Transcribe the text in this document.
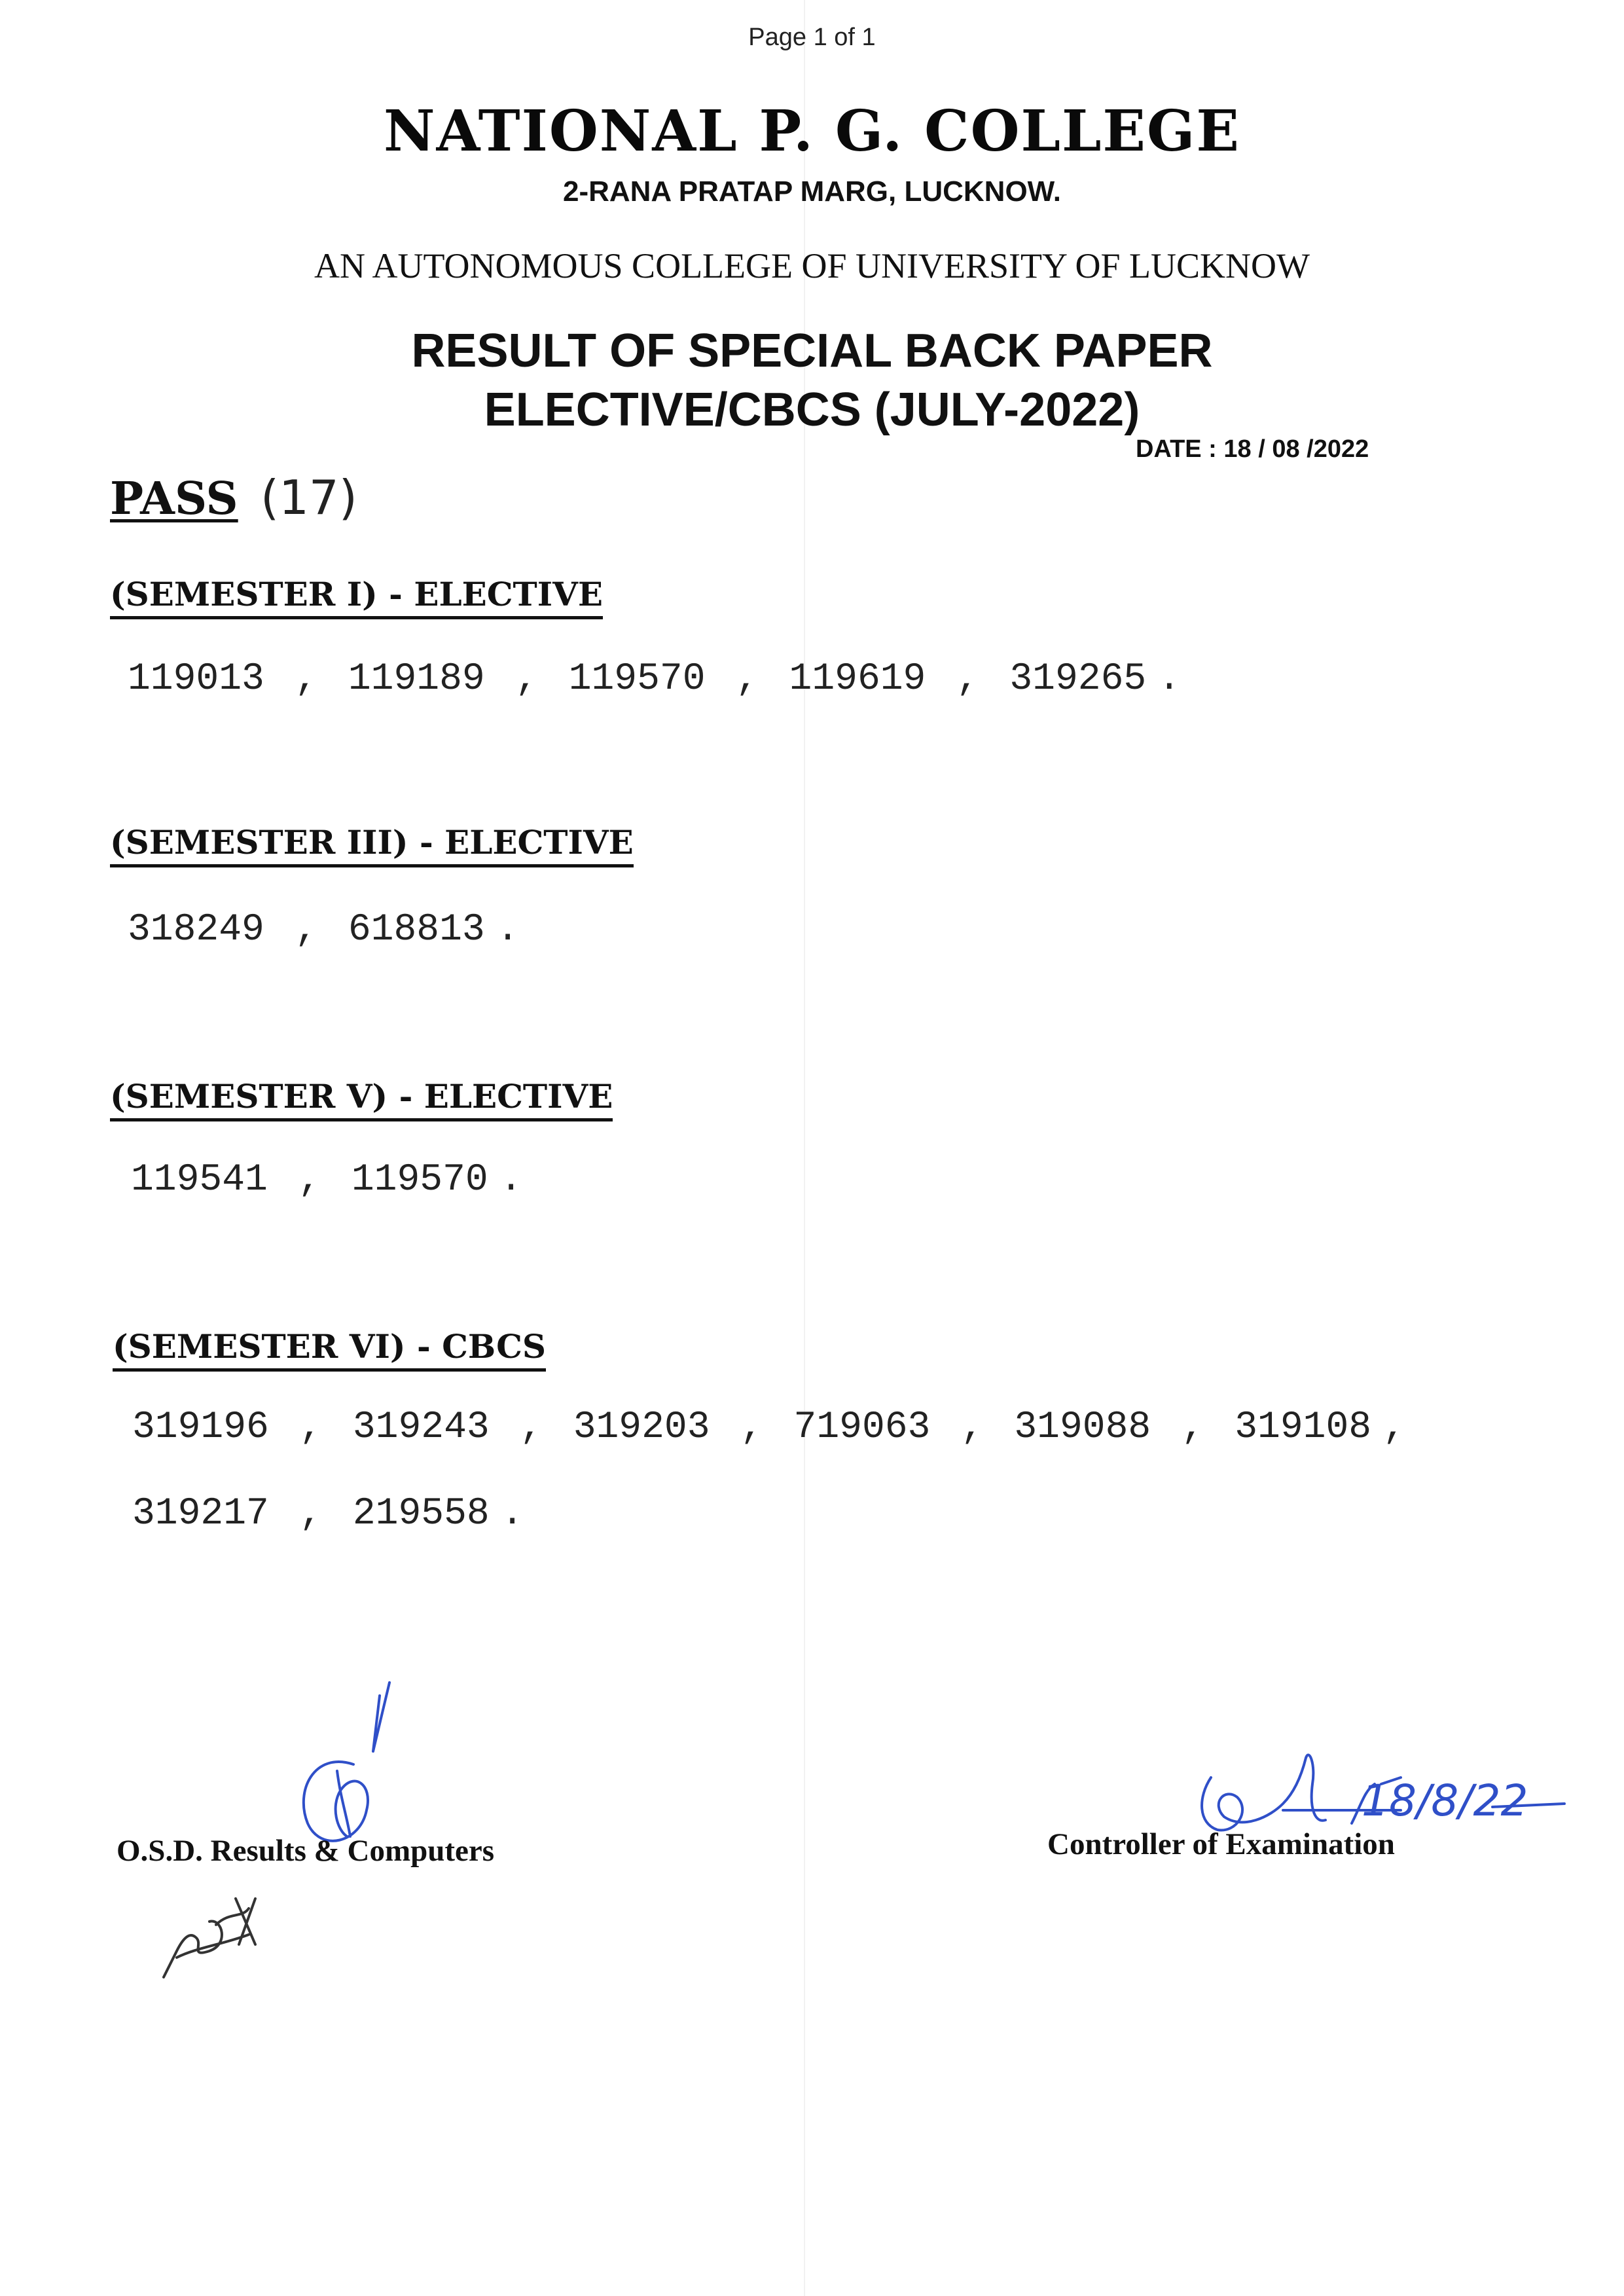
Page 1 of 1
NATIONAL P. G. COLLEGE
2-RANA PRATAP MARG, LUCKNOW.
AN AUTONOMOUS COLLEGE OF UNIVERSITY OF LUCKNOW
RESULT OF SPECIAL BACK PAPER
ELECTIVE/CBCS (JULY-2022)
DATE : 18 / 08 /2022
PASS (17)
(SEMESTER I) - ELECTIVE
119013 , 119189 , 119570 , 119619 , 319265 .
(SEMESTER III) - ELECTIVE
318249 , 618813 .
(SEMESTER V) - ELECTIVE
119541 , 119570 .
(SEMESTER VI) - CBCS
319196 , 319243 , 319203 , 719063 , 319088 , 319108 ,
319217 , 219558 .
O.S.D. Results & Computers
18/8/22
Controller of Examination
